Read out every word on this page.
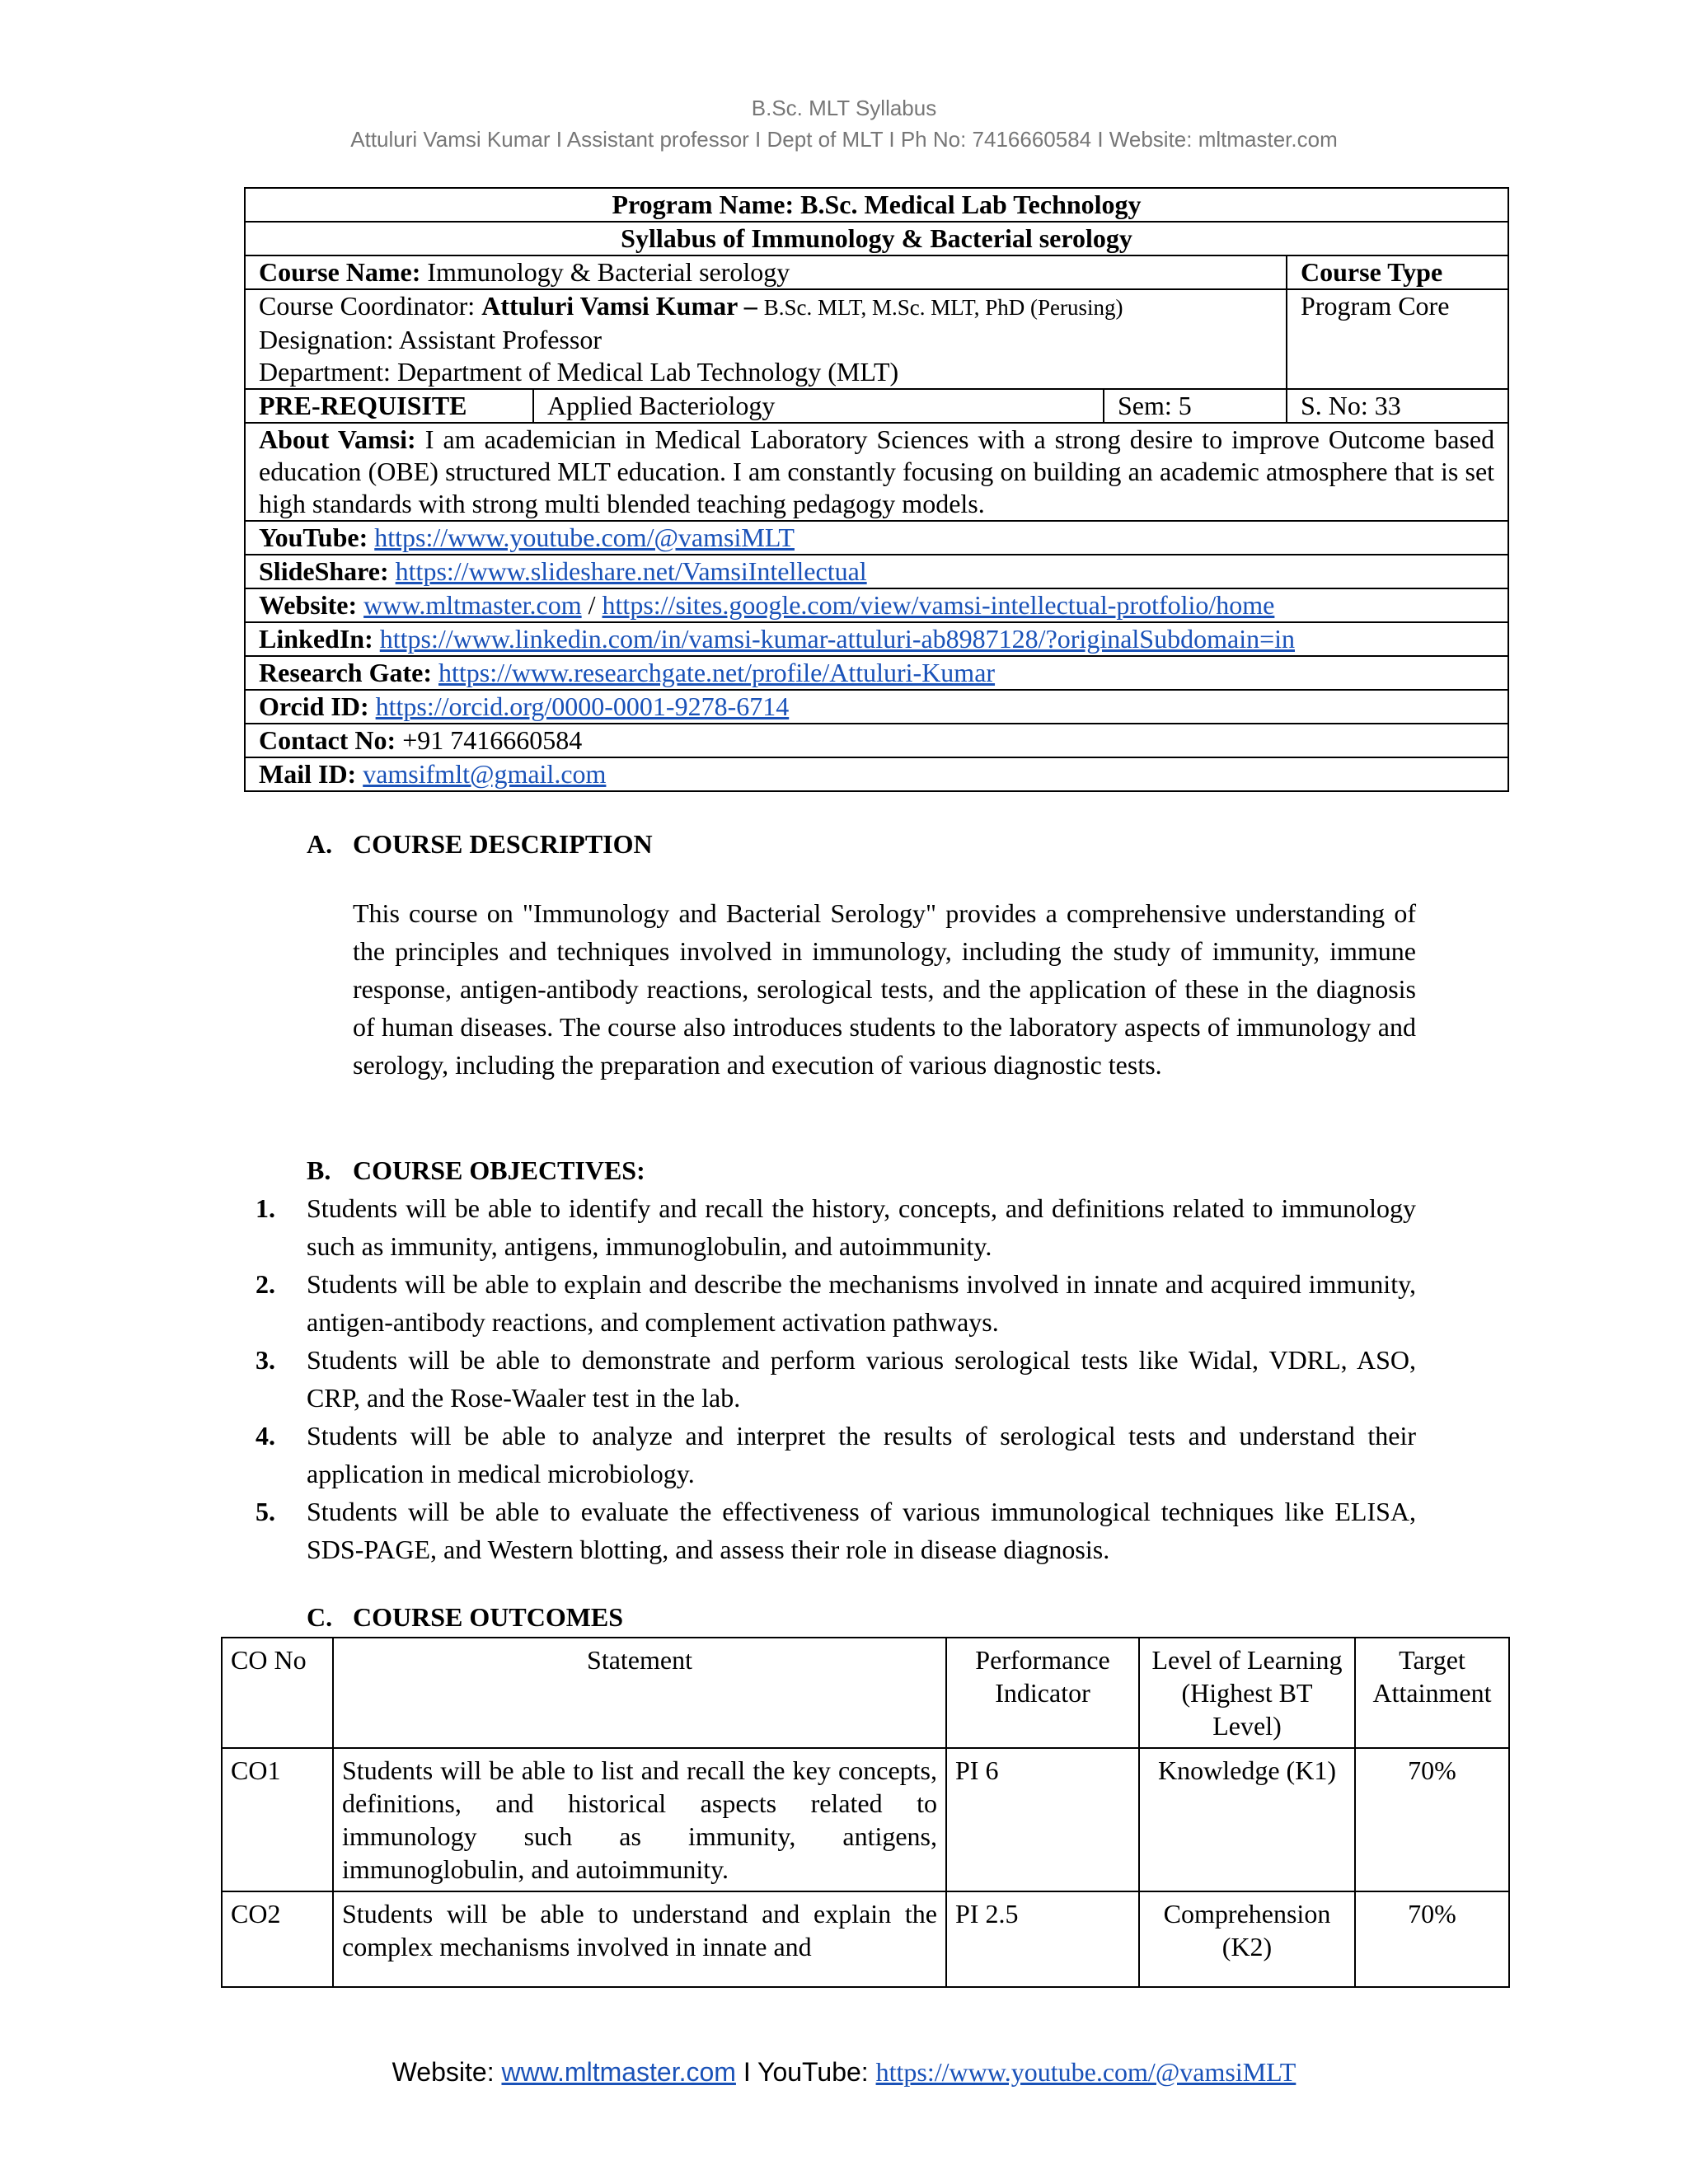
B.Sc. MLT Syllabus
Attuluri Vamsi Kumar I Assistant professor I Dept of MLT I Ph No: 7416660584 I Website: mltmaster.com
Program Name: B.Sc. Medical Lab Technology			
Syllabus of Immunology & Bacterial serology			
Course Name: Immunology & Bacterial serology			Course Type

Course Coordinator: Attuluri Vamsi Kumar – B.Sc. MLT, M.Sc. MLT, PhD (Perusing)
Designation: Assistant Professor
Department: Department of Medical Lab Technology (MLT)			Program Core
PRE-REQUISITE	Applied Bacteriology	Sem: 5	S. No: 33
About Vamsi: I am academician in Medical Laboratory Sciences with a strong desire to improve Outcome based education (OBE) structured MLT education. I am constantly focusing on building an academic atmosphere that is set high standards with strong multi blended teaching pedagogy models.			
YouTube: https://www.youtube.com/@vamsiMLT			
SlideShare: https://www.slideshare.net/VamsiIntellectual			
Website: www.mltmaster.com / https://sites.google.com/view/vamsi-intellectual-protfolio/home			
LinkedIn: https://www.linkedin.com/in/vamsi-kumar-attuluri-ab8987128/?originalSubdomain=in			
Research Gate: https://www.researchgate.net/profile/Attuluri-Kumar			
Orcid ID: https://orcid.org/0000-0001-9278-6714			
Contact No: +91 7416660584			
Mail ID: vamsifmlt@gmail.com			
A. COURSE DESCRIPTION

This course on "Immunology and Bacterial Serology" provides a comprehensive understanding of the principles and techniques involved in immunology, including the study of immunity, immune response, antigen-antibody reactions, serological tests, and the application of these in the diagnosis of human diseases. The course also introduces students to the laboratory aspects of immunology and serology, including the preparation and execution of various diagnostic tests.

B. COURSE OBJECTIVES:
1.	Students will be able to identify and recall the history, concepts, and definitions related to immunology such as immunity, antigens, immunoglobulin, and autoimmunity.
2.	Students will be able to explain and describe the mechanisms involved in innate and acquired immunity, antigen-antibody reactions, and complement activation pathways.
3.	Students will be able to demonstrate and perform various serological tests like Widal, VDRL, ASO, CRP, and the Rose-Waaler test in the lab.
4.	Students will be able to analyze and interpret the results of serological tests and understand their application in medical microbiology.
5.	Students will be able to evaluate the effectiveness of various immunological techniques like ELISA, SDS-PAGE, and Western blotting, and assess their role in disease diagnosis.
C. COURSE OUTCOMES
CO No	Statement	Performance Indicator	Level of Learning (Highest BT Level)	Target Attainment
CO1	Students will be able to list and recall the key concepts, definitions, and historical aspects related to immunology such as immunity, antigens, immunoglobulin, and autoimmunity.	PI 6	Knowledge (K1)	70%
CO2	Students will be able to understand and explain the complex mechanisms involved in innate and	PI 2.5	Comprehension (K2)	70%
Website: www.mltmaster.com I YouTube: https://www.youtube.com/@vamsiMLT
